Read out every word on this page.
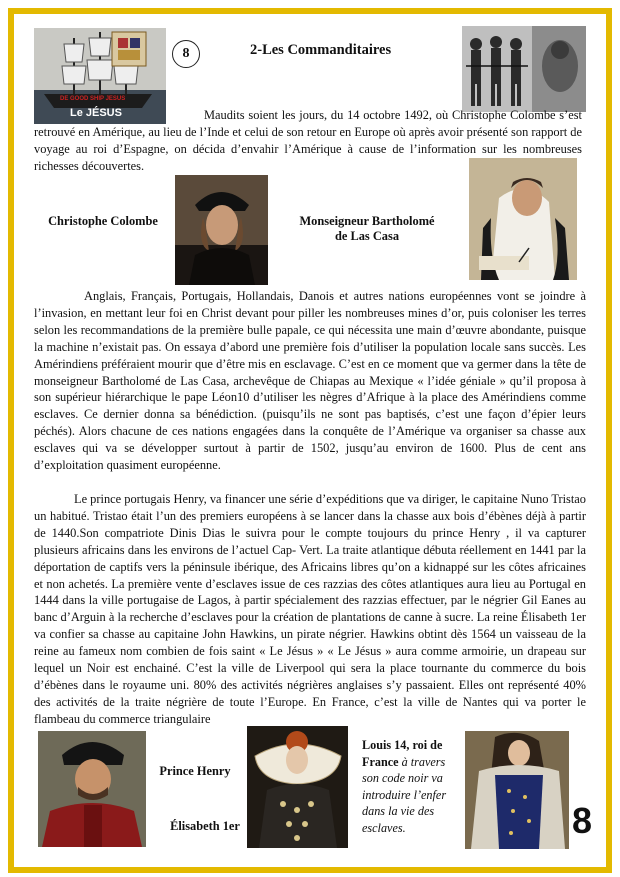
DE GOOD SHIP JESUS
Le JÉSUS
8	2-Les Commanditaires

Maudits soient les jours, du 14 octobre 1492, où Christophe Colombe s’est retrouvé en Amérique, au lieu de l’Inde et celui de son retour en Europe où après avoir présenté son rapport de voyage au roi d’Espagne, on décida d’envahir l’Amérique à cause de l’information sur les nombreuses richesses découvertes.

Christophe Colombe	Monseigneur Bartholomé de Las Casa

Anglais, Français, Portugais, Hollandais, Danois et autres nations européennes vont se joindre à l’invasion, en mettant leur foi en Christ devant pour piller les nombreuses mines d’or, puis coloniser les terres selon les recommandations de la première bulle papale, ce qui nécessita une main d’œuvre abondante, puisque la machine n’existait pas. On essaya d’abord une première fois d’utiliser la population locale sans succès. Les Amérindiens préféraient mourir que d’être mis en esclavage. C’est en ce moment que va germer dans la tête de monseigneur Bartholomé de Las Casa, archevêque de Chiapas au Mexique « l’idée géniale » qu’il proposa à son supérieur hiérarchique le pape Léon10 d’utiliser les nègres d’Afrique à la place des Amérindiens comme esclaves. Ce dernier donna sa bénédiction. (puisqu’ils ne sont pas baptisés, c’est une façon d’épier leurs péchés). Alors chacune de ces nations engagées dans la conquête de l’Amérique va organiser sa chasse aux esclaves qui va se développer surtout à partir de 1502, jusqu’au environ de 1600. Plus de cent ans d’exploitation quasiment européenne.

Le prince portugais Henry, va financer une série d’expéditions que va diriger, le capitaine Nuno Tristao un habitué. Tristao était l’un des premiers européens à se lancer dans la chasse aux bois d’ébènes déjà à partir de 1440.Son compatriote Dinis Dias le suivra pour le compte toujours du prince Henry , il va capturer plusieurs africains dans les environs de l’actuel Cap- Vert. La traite atlantique débuta réellement en 1441 par la déportation de captifs vers la péninsule ibérique, des Africains libres qu’on a kidnappé sur les côtes africaines et non achetés. La première vente d’esclaves issue de ces razzias des côtes atlantiques aura lieu au Portugal en 1444 dans la ville portugaise de Lagos, à partir spécialement des razzias effectuer, par le négrier Gil Eanes au banc d’Arguin à la recherche d’esclaves pour la création de plantations de canne à sucre. La reine Élisabeth 1er va confier sa chasse au capitaine John Hawkins, un pirate négrier. Hawkins obtint dès 1564 un vaisseau de la reine au fameux nom combien de fois saint « Le Jésus » « Le Jésus » aura comme armoirie, un drapeau sur lequel un Noir est enchainé. C’est la ville de Liverpool qui sera la place tournante du commerce du bois d’ébènes dans le royaume uni. 80% des activités négrières anglaises s’y passaient. Elles ont représenté 40% des activités de la traite négrière de toute l’Europe. En France, c’est la ville de Nantes qui va porter le flambeau du commerce triangulaire

Prince Henry
Élisabeth 1er
Louis 14, roi de France à travers son code noir va introduire l’enfer dans la vie des esclaves.	8
